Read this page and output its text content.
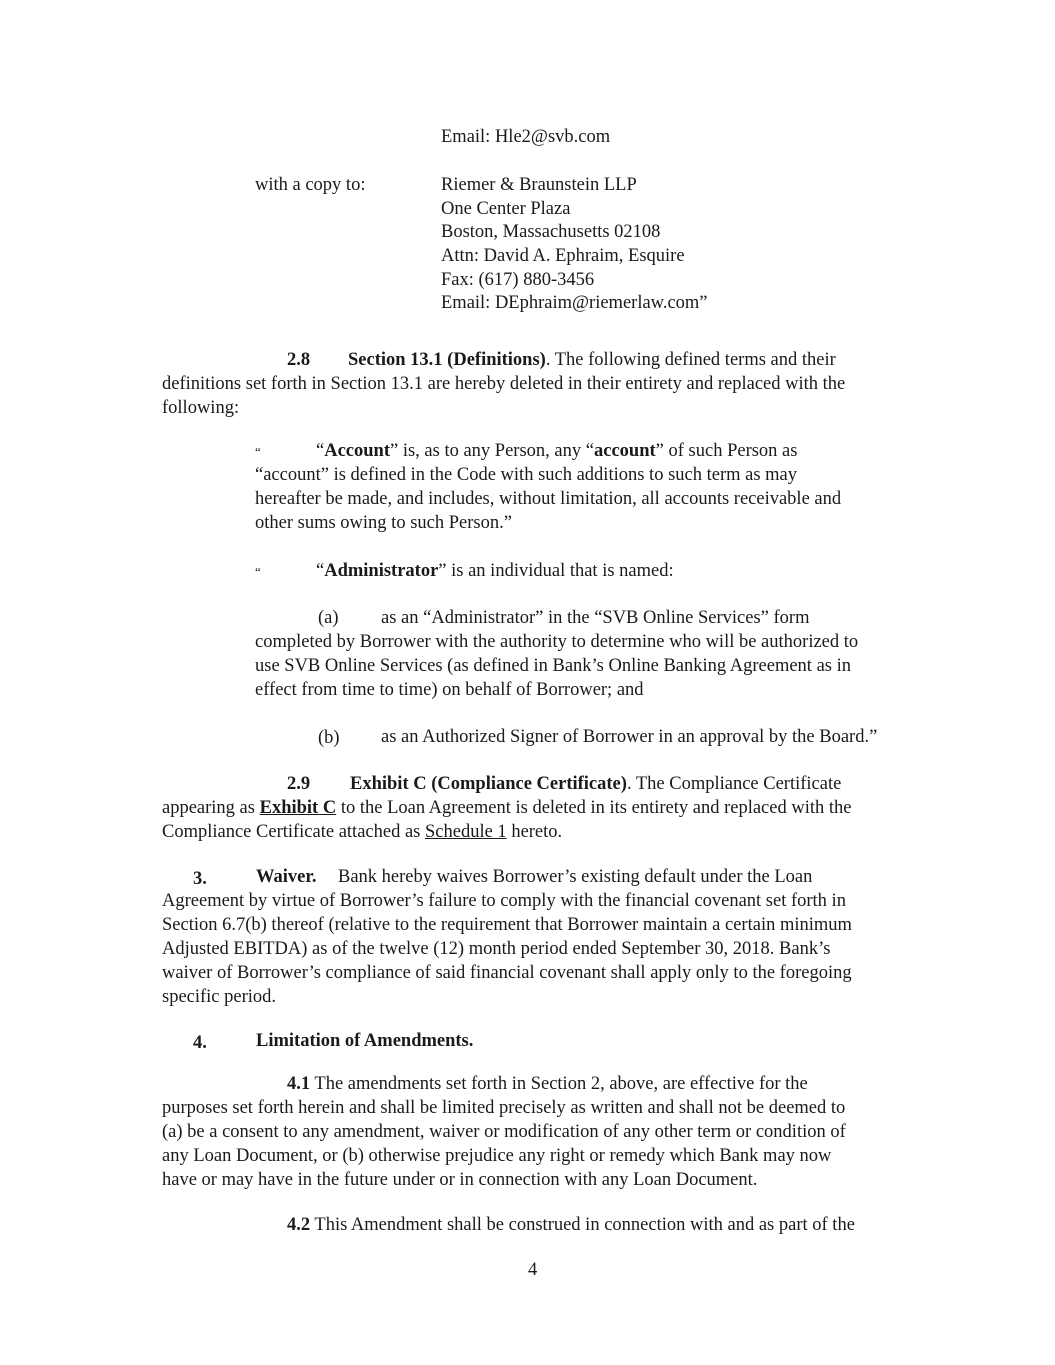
Email: Hle2@svb.com
with a copy to:	Riemer & Braunstein LLP
One Center Plaza
Boston, Massachusetts 02108
Attn: David A. Ephraim, Esquire
Fax: (617) 880-3456
Email: DEphraim@riemerlaw.com”
2.8 Section 13.1 (Definitions). The following defined terms and their
definitions set forth in Section 13.1 are hereby deleted in their entirety and replaced with the
following:
“	“Account” is, as to any Person, any “account” of such Person as
“account” is defined in the Code with such additions to such term as may
hereafter be made, and includes, without limitation, all accounts receivable and
other sums owing to such Person.”
“	“Administrator” is an individual that is named:
(a) as an “Administrator” in the “SVB Online Services” form
completed by Borrower with the authority to determine who will be authorized to
use SVB Online Services (as defined in Bank’s Online Banking Agreement as in
effect from time to time) on behalf of Borrower; and
(b) as an Authorized Signer of Borrower in an approval by the Board.”
2.9 Exhibit C (Compliance Certificate). The Compliance Certificate
appearing as Exhibit C to the Loan Agreement is deleted in its entirety and replaced with the
Compliance Certificate attached as Schedule 1 hereto.
3.	Waiver. Bank hereby waives Borrower’s existing default under the Loan
Agreement by virtue of Borrower’s failure to comply with the financial covenant set forth in
Section 6.7(b) thereof (relative to the requirement that Borrower maintain a certain minimum
Adjusted EBITDA) as of the twelve (12) month period ended September 30, 2018. Bank’s
waiver of Borrower’s compliance of said financial covenant shall apply only to the foregoing
specific period.
4.	Limitation of Amendments.
4.1 The amendments set forth in Section 2, above, are effective for the
purposes set forth herein and shall be limited precisely as written and shall not be deemed to
(a) be a consent to any amendment, waiver or modification of any other term or condition of
any Loan Document, or (b) otherwise prejudice any right or remedy which Bank may now
have or may have in the future under or in connection with any Loan Document.
4.2 This Amendment shall be construed in connection with and as part of the
4
